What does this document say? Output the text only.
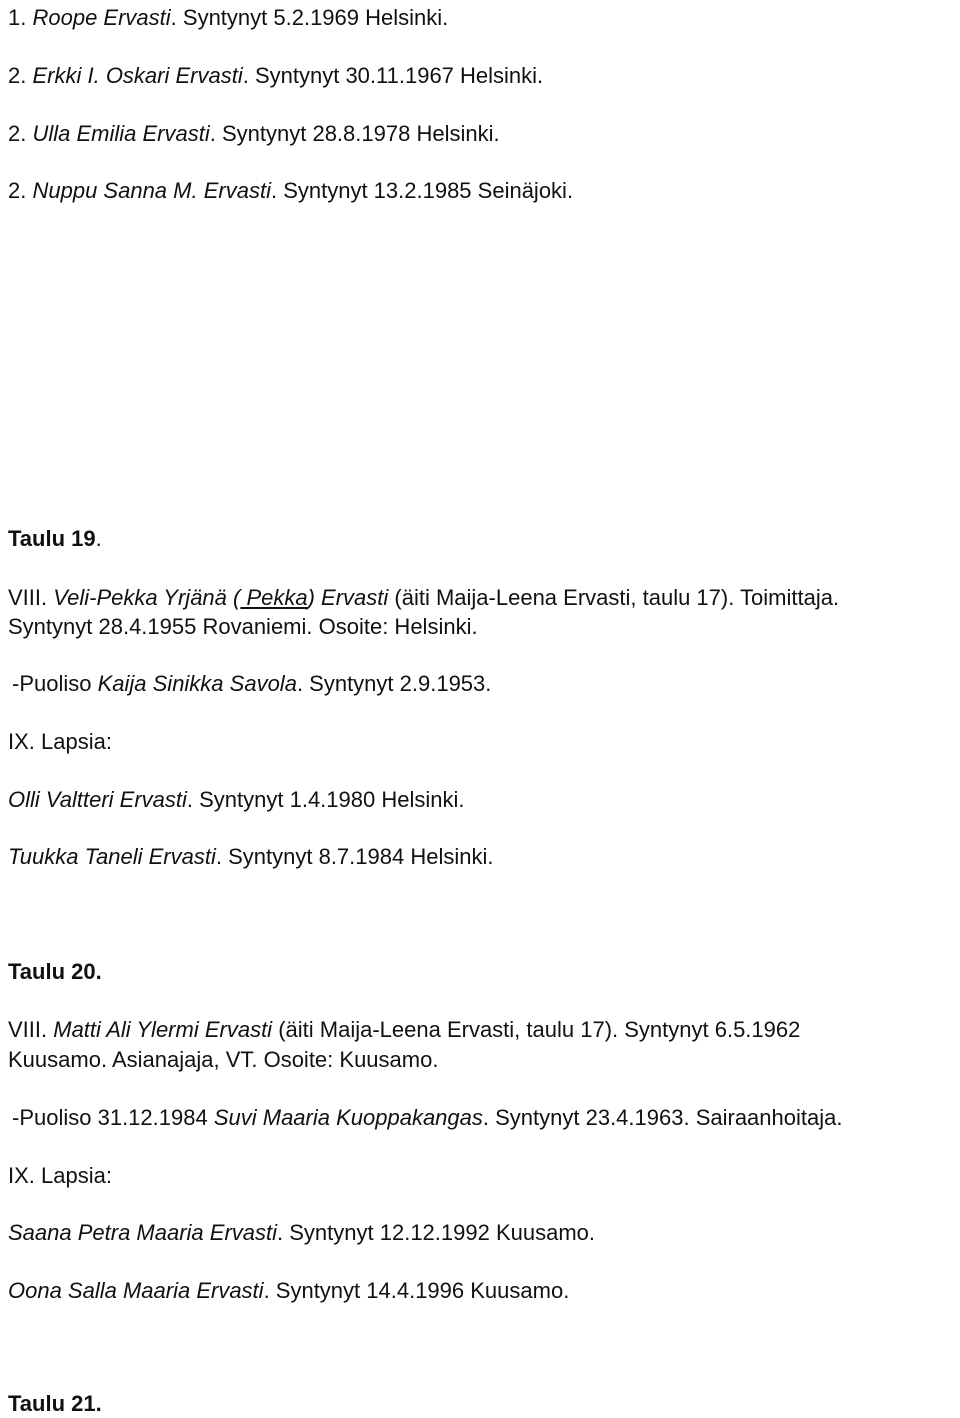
1. Roope Ervasti. Syntynyt 5.2.1969 Helsinki.
2. Erkki I. Oskari Ervasti. Syntynyt 30.11.1967 Helsinki.
2. Ulla Emilia Ervasti. Syntynyt 28.8.1978 Helsinki.
2. Nuppu Sanna M. Ervasti. Syntynyt 13.2.1985 Seinäjoki.
Taulu 19.
VIII. Veli-Pekka Yrjänä ( Pekka) Ervasti (äiti Maija-Leena Ervasti, taulu 17). Toimittaja.
Syntynyt 28.4.1955 Rovaniemi. Osoite: Helsinki.
-Puoliso Kaija Sinikka Savola. Syntynyt 2.9.1953.
IX. Lapsia:
Olli Valtteri Ervasti. Syntynyt 1.4.1980 Helsinki.
Tuukka Taneli Ervasti. Syntynyt 8.7.1984 Helsinki.
Taulu 20.
VIII. Matti Ali Ylermi Ervasti (äiti Maija-Leena Ervasti, taulu 17). Syntynyt 6.5.1962
Kuusamo. Asianajaja, VT. Osoite: Kuusamo.
-Puoliso 31.12.1984 Suvi Maaria Kuoppakangas. Syntynyt 23.4.1963. Sairaanhoitaja.
IX. Lapsia:
Saana Petra Maaria Ervasti. Syntynyt 12.12.1992 Kuusamo.
Oona Salla Maaria Ervasti. Syntynyt 14.4.1996 Kuusamo.
Taulu 21.
